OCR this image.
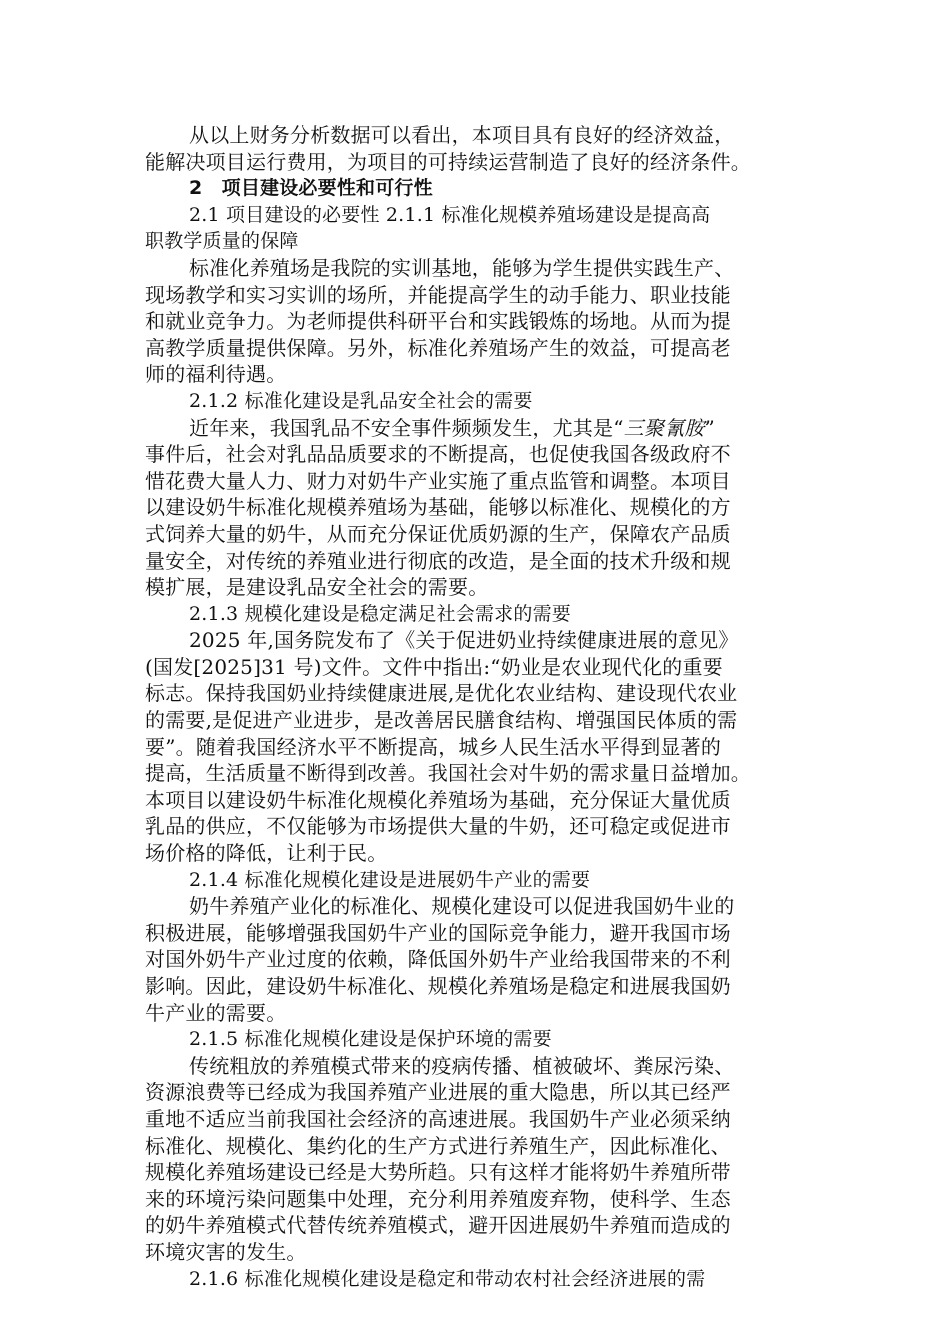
从以上财务分析数据可以看出，本项目具有良好的经济效益，
能解决项目运行费用，为项目的可持续运营制造了良好的经济条件。
2　项目建设必要性和可行性
2.1 项目建设的必要性 2.1.1 标准化规模养殖场建设是提高高
职教学质量的保障
标准化养殖场是我院的实训基地，能够为学生提供实践生产、
现场教学和实习实训的场所，并能提高学生的动手能力、职业技能
和就业竞争力。为老师提供科研平台和实践锻炼的场地。从而为提
高教学质量提供保障。另外，标准化养殖场产生的效益，可提高老
师的福利待遇。
2.1.2 标准化建设是乳品安全社会的需要
近年来，我国乳品不安全事件频频发生，尤其是“三聚氰胺”
事件后，社会对乳品品质要求的不断提高，也促使我国各级政府不
惜花费大量人力、财力对奶牛产业实施了重点监管和调整。本项目
以建设奶牛标准化规模养殖场为基础，能够以标准化、规模化的方
式饲养大量的奶牛，从而充分保证优质奶源的生产，保障农产品质
量安全，对传统的养殖业进行彻底的改造，是全面的技术升级和规
模扩展，是建设乳品安全社会的需要。
2.1.3 规模化建设是稳定满足社会需求的需要
2025 年,国务院发布了《关于促进奶业持续健康进展的意见》
(国发[2025]31 号)文件。文件中指出:“奶业是农业现代化的重要
标志。保持我国奶业持续健康进展,是优化农业结构、建设现代农业
的需要,是促进产业进步，是改善居民膳食结构、增强国民体质的需
要”。随着我国经济水平不断提高，城乡人民生活水平得到显著的
提高，生活质量不断得到改善。我国社会对牛奶的需求量日益增加。
本项目以建设奶牛标准化规模化养殖场为基础，充分保证大量优质
乳品的供应，不仅能够为市场提供大量的牛奶，还可稳定或促进市
场价格的降低，让利于民。
2.1.4 标准化规模化建设是进展奶牛产业的需要
奶牛养殖产业化的标准化、规模化建设可以促进我国奶牛业的
积极进展，能够增强我国奶牛产业的国际竞争能力，避开我国市场
对国外奶牛产业过度的依赖，降低国外奶牛产业给我国带来的不利
影响。因此，建设奶牛标准化、规模化养殖场是稳定和进展我国奶
牛产业的需要。
2.1.5 标准化规模化建设是保护环境的需要
传统粗放的养殖模式带来的疫病传播、植被破坏、粪尿污染、
资源浪费等已经成为我国养殖产业进展的重大隐患，所以其已经严
重地不适应当前我国社会经济的高速进展。我国奶牛产业必须采纳
标准化、规模化、集约化的生产方式进行养殖生产，因此标准化、
规模化养殖场建设已经是大势所趋。只有这样才能将奶牛养殖所带
来的环境污染问题集中处理，充分利用养殖废弃物，使科学、生态
的奶牛养殖模式代替传统养殖模式，避开因进展奶牛养殖而造成的
环境灾害的发生。
2.1.6 标准化规模化建设是稳定和带动农村社会经济进展的需
